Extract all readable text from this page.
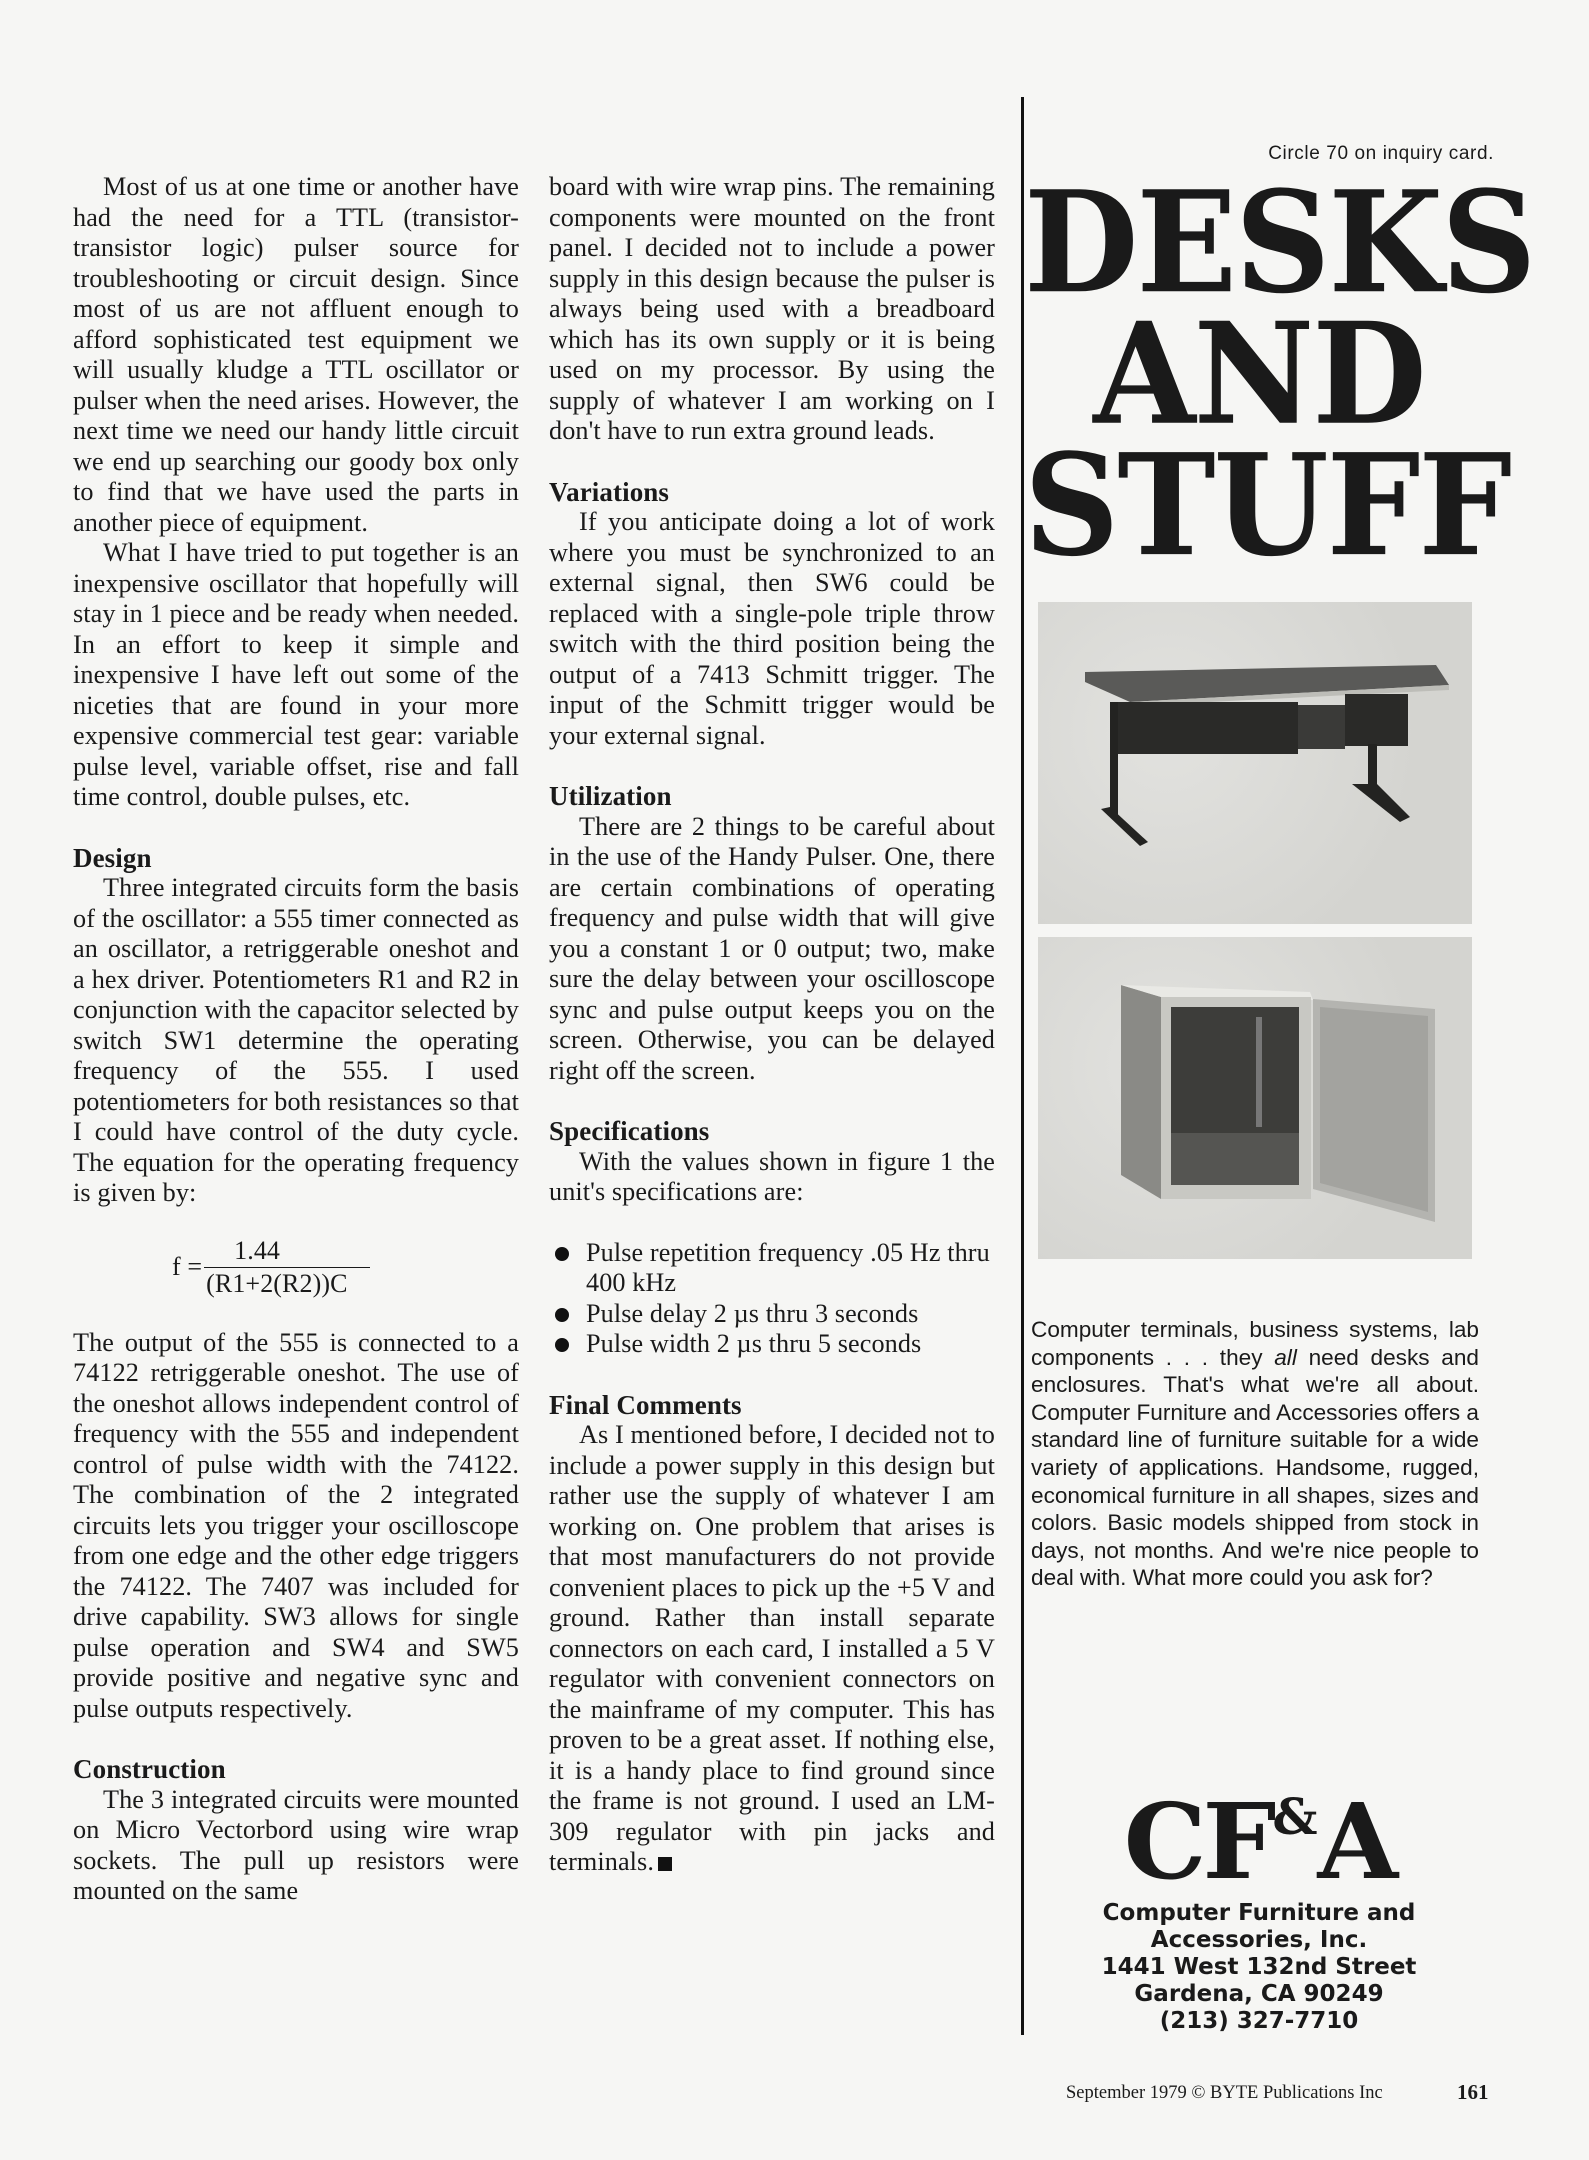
Most of us at one time or another have had the need for a TTL (transistor-transistor logic) pulser source for troubleshooting or circuit design. Since most of us are not affluent enough to afford sophisticated test equipment we will usually kludge a TTL oscillator or pulser when the need arises. However, the next time we need our handy little circuit we end up searching our goody box only to find that we have used the parts in another piece of equipment.

What I have tried to put together is an inexpensive oscillator that hopefully will stay in 1 piece and be ready when needed. In an effort to keep it simple and inexpensive I have left out some of the niceties that are found in your more expensive commercial test gear: variable pulse level, variable offset, rise and fall time control, double pulses, etc.

Design

Three integrated circuits form the basis of the oscillator: a 555 timer connected as an oscillator, a retriggerable oneshot and a hex driver. Potentiometers R1 and R2 in conjunction with the capacitor selected by switch SW1 determine the operating frequency of the 555. I used potentiometers for both resistances so that I could have control of the duty cycle. The equation for the operating frequency is given by:

$f = \frac{1.44}{(R1+2(R2))C}$

The output of the 555 is connected to a 74122 retriggerable oneshot. The use of the oneshot allows independent control of frequency with the 555 and independent control of pulse width with the 74122. The combination of the 2 integrated circuits lets you trigger your oscilloscope from one edge and the other edge triggers the 74122. The 7407 was included for drive capability. SW3 allows for single pulse operation and SW4 and SW5 provide positive and negative sync and pulse outputs respectively.

Construction

The 3 integrated circuits were mounted on Micro Vectorbord using wire wrap sockets. The pull up resistors were mounted on the same

board with wire wrap pins. The remaining components were mounted on the front panel. I decided not to include a power supply in this design because the pulser is always being used with a breadboard which has its own supply or it is being used on my processor. By using the supply of whatever I am working on I don't have to run extra ground leads.

Variations

If you anticipate doing a lot of work where you must be synchronized to an external signal, then SW6 could be replaced with a single-pole triple throw switch with the third position being the output of a 7413 Schmitt trigger. The input of the Schmitt trigger would be your external signal.

Utilization

There are 2 things to be careful about in the use of the Handy Pulser. One, there are certain combinations of operating frequency and pulse width that will give you a constant 1 or 0 output; two, make sure the delay between your oscilloscope sync and pulse output keeps you on the screen. Otherwise, you can be delayed right off the screen.

Specifications

With the values shown in figure 1 the unit's specifications are:

Pulse repetition frequency .05 Hz thru 400 kHz
Pulse delay 2 µs thru 3 seconds
Pulse width 2 µs thru 5 seconds
Final Comments

As I mentioned before, I decided not to include a power supply in this design but rather use the supply of whatever I am working on. One problem that arises is that most manufacturers do not provide convenient places to pick up the +5 V and ground. Rather than install separate connectors on each card, I installed a 5 V regulator with convenient connectors on the mainframe of my computer. This has proven to be a great asset. If nothing else, it is a handy place to find ground since the frame is not ground. I used an LM-309 regulator with pin jacks and terminals.

Circle 70 on inquiry card.
DESKS
AND
STUFF
Computer terminals, business systems, lab components . . . they all need desks and enclosures. That's what we're all about. Computer Furniture and Accessories offers a standard line of furniture suitable for a wide variety of applications. Handsome, rugged, economical furniture in all shapes, sizes and colors. Basic models shipped from stock in days, not months. And we're nice people to deal with. What more could you ask for?
CF&A
Computer Furniture and
Accessories, Inc.
1441 West 132nd Street
Gardena, CA 90249
(213) 327-7710
September 1979 © BYTE Publications Inc	161
